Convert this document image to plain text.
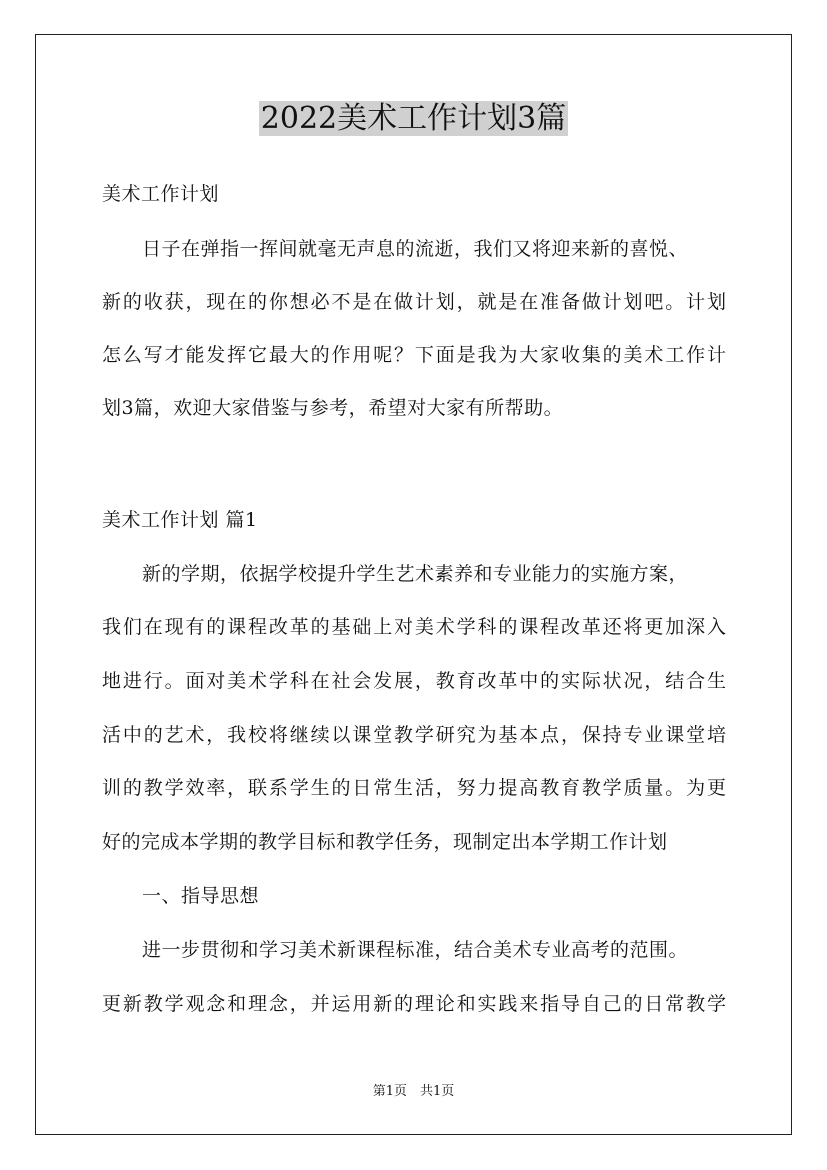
2022美术工作计划3篇
美术工作计划
日子在弹指一挥间就毫无声息的流逝，我们又将迎来新的喜悦、
新的收获，现在的你想必不是在做计划，就是在准备做计划吧。计划
怎么写才能发挥它最大的作用呢？下面是我为大家收集的美术工作计
划3篇，欢迎大家借鉴与参考，希望对大家有所帮助。
美术工作计划 篇1
新的学期，依据学校提升学生艺术素养和专业能力的实施方案，
我们在现有的课程改革的基础上对美术学科的课程改革还将更加深入
地进行。面对美术学科在社会发展，教育改革中的实际状况，结合生
活中的艺术，我校将继续以课堂教学研究为基本点，保持专业课堂培
训的教学效率，联系学生的日常生活，努力提高教育教学质量。为更
好的完成本学期的教学目标和教学任务，现制定出本学期工作计划
一、指导思想
进一步贯彻和学习美术新课程标准，结合美术专业高考的范围。
更新教学观念和理念，并运用新的理论和实践来指导自己的日常教学
第1页　共1页
